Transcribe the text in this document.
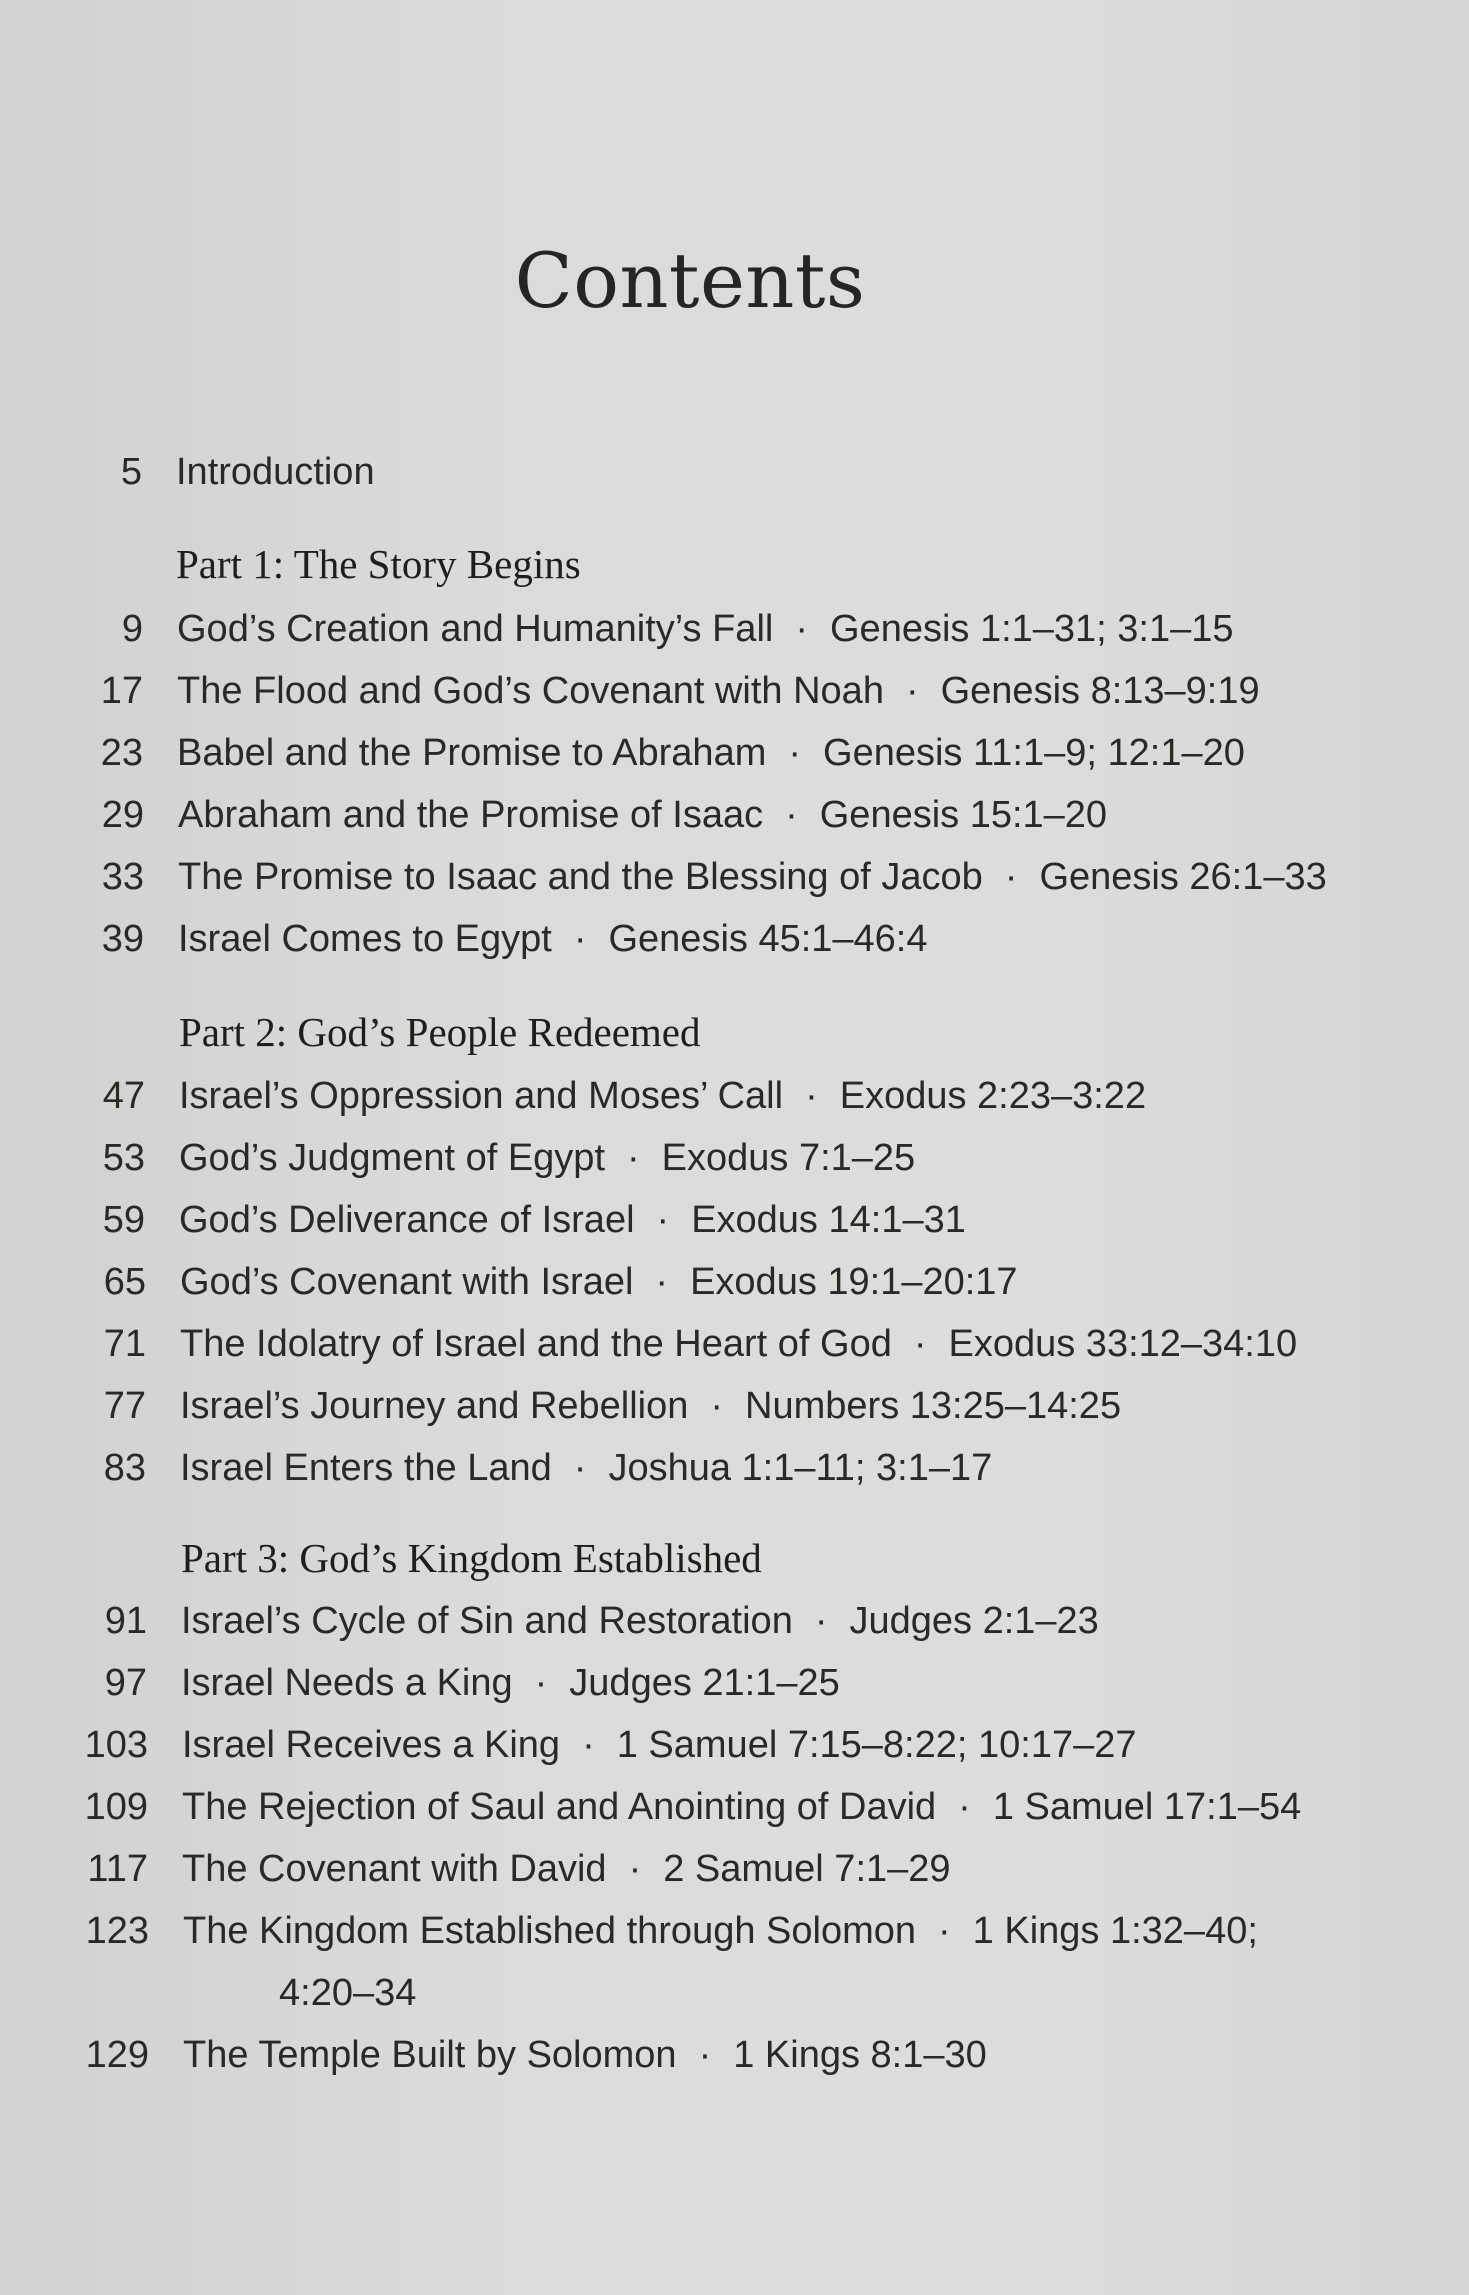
Contents
5 Introduction
Part 1: The Story Begins
9 God’s Creation and Humanity’s Fall · Genesis 1:1–31; 3:1–15
17 The Flood and God’s Covenant with Noah · Genesis 8:13–9:19
23 Babel and the Promise to Abraham · Genesis 11:1–9; 12:1–20
29 Abraham and the Promise of Isaac · Genesis 15:1–20
33 The Promise to Isaac and the Blessing of Jacob · Genesis 26:1–33
39 Israel Comes to Egypt · Genesis 45:1–46:4
Part 2: God’s People Redeemed
47 Israel’s Oppression and Moses’ Call · Exodus 2:23–3:22
53 God’s Judgment of Egypt · Exodus 7:1–25
59 God’s Deliverance of Israel · Exodus 14:1–31
65 God’s Covenant with Israel · Exodus 19:1–20:17
71 The Idolatry of Israel and the Heart of God · Exodus 33:12–34:10
77 Israel’s Journey and Rebellion · Numbers 13:25–14:25
83 Israel Enters the Land · Joshua 1:1–11; 3:1–17
Part 3: God’s Kingdom Established
91 Israel’s Cycle of Sin and Restoration · Judges 2:1–23
97 Israel Needs a King · Judges 21:1–25
103 Israel Receives a King · 1 Samuel 7:15–8:22; 10:17–27
109 The Rejection of Saul and Anointing of David · 1 Samuel 17:1–54
117 The Covenant with David · 2 Samuel 7:1–29
123 The Kingdom Established through Solomon · 1 Kings 1:32–40;
4:20–34
129 The Temple Built by Solomon · 1 Kings 8:1–30
